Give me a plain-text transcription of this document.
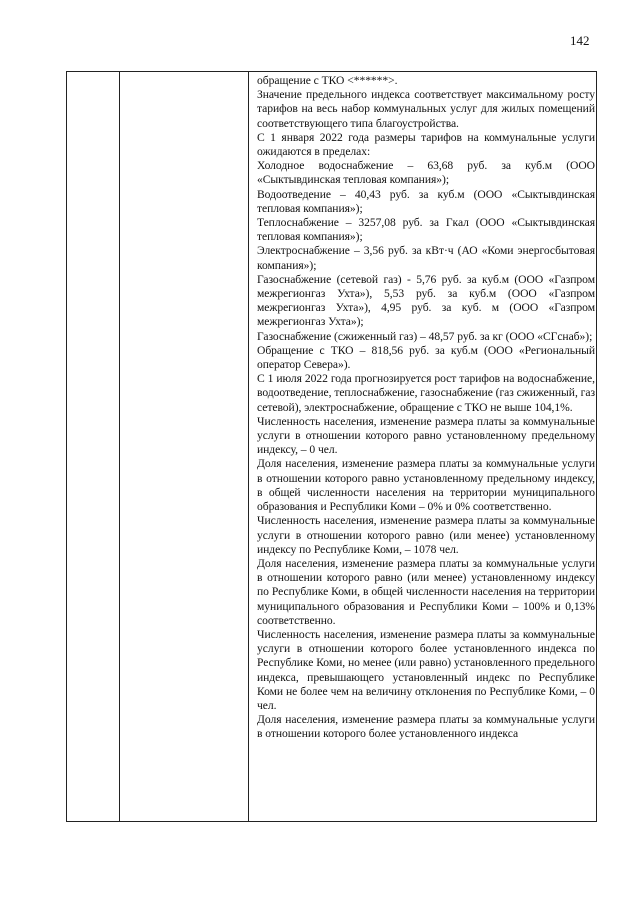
142

обращение с ТКО <******>.

Значение предельного индекса соответствует максимальному росту тарифов на весь набор коммунальных услуг для жилых помещений соответствующего типа благоустройства.

С 1 января 2022 года размеры тарифов на коммунальные услуги ожидаются в пределах:

Холодное водоснабжение – 63,68 руб. за куб.м (ООО «Сыктывдинская тепловая компания»);

Водоотведение – 40,43 руб. за куб.м (ООО «Сыктывдинская тепловая компания»);

Теплоснабжение – 3257,08 руб. за Гкал (ООО «Сыктывдинская тепловая компания»);

Электроснабжение – 3,56 руб. за кВт·ч (АО «Коми энергосбытовая компания»);

Газоснабжение (сетевой газ) - 5,76 руб. за куб.м (ООО «Газпром межрегионгаз Ухта»), 5,53 руб. за куб.м (ООО «Газпром межрегионгаз Ухта»), 4,95 руб. за куб. м (ООО «Газпром межрегионгаз Ухта»);

Газоснабжение (сжиженный газ) – 48,57 руб. за кг (ООО «СГснаб»);

Обращение с ТКО – 818,56 руб. за куб.м (ООО «Региональный оператор Севера»).

С 1 июля 2022 года прогнозируется рост тарифов на водоснабжение, водоотведение, теплоснабжение, газоснабжение (газ сжиженный, газ сетевой), электроснабжение, обращение с ТКО не выше 104,1%.

Численность населения, изменение размера платы за коммунальные услуги в отношении которого равно установленному предельному индексу, – 0 чел.

Доля населения, изменение размера платы за коммунальные услуги в отношении которого равно установленному предельному индексу, в общей численности населения на территории муниципального образования и Республики Коми – 0% и 0% соответственно.

Численность населения, изменение размера платы за коммунальные услуги в отношении которого равно (или менее) установленному индексу по Республике Коми, – 1078 чел.

Доля населения, изменение размера платы за коммунальные услуги в отношении которого равно (или менее) установленному индексу по Республике Коми, в общей численности населения на территории муниципального образования и Республики Коми – 100% и 0,13% соответственно.

Численность населения, изменение размера платы за коммунальные услуги в отношении которого более установленного индекса по Республике Коми, но менее (или равно) установленного предельного индекса, превышающего установленный индекс по Республике Коми не более чем на величину отклонения по Республике Коми, – 0 чел.

Доля населения, изменение размера платы за коммунальные услуги в отношении которого более установленного индекса
